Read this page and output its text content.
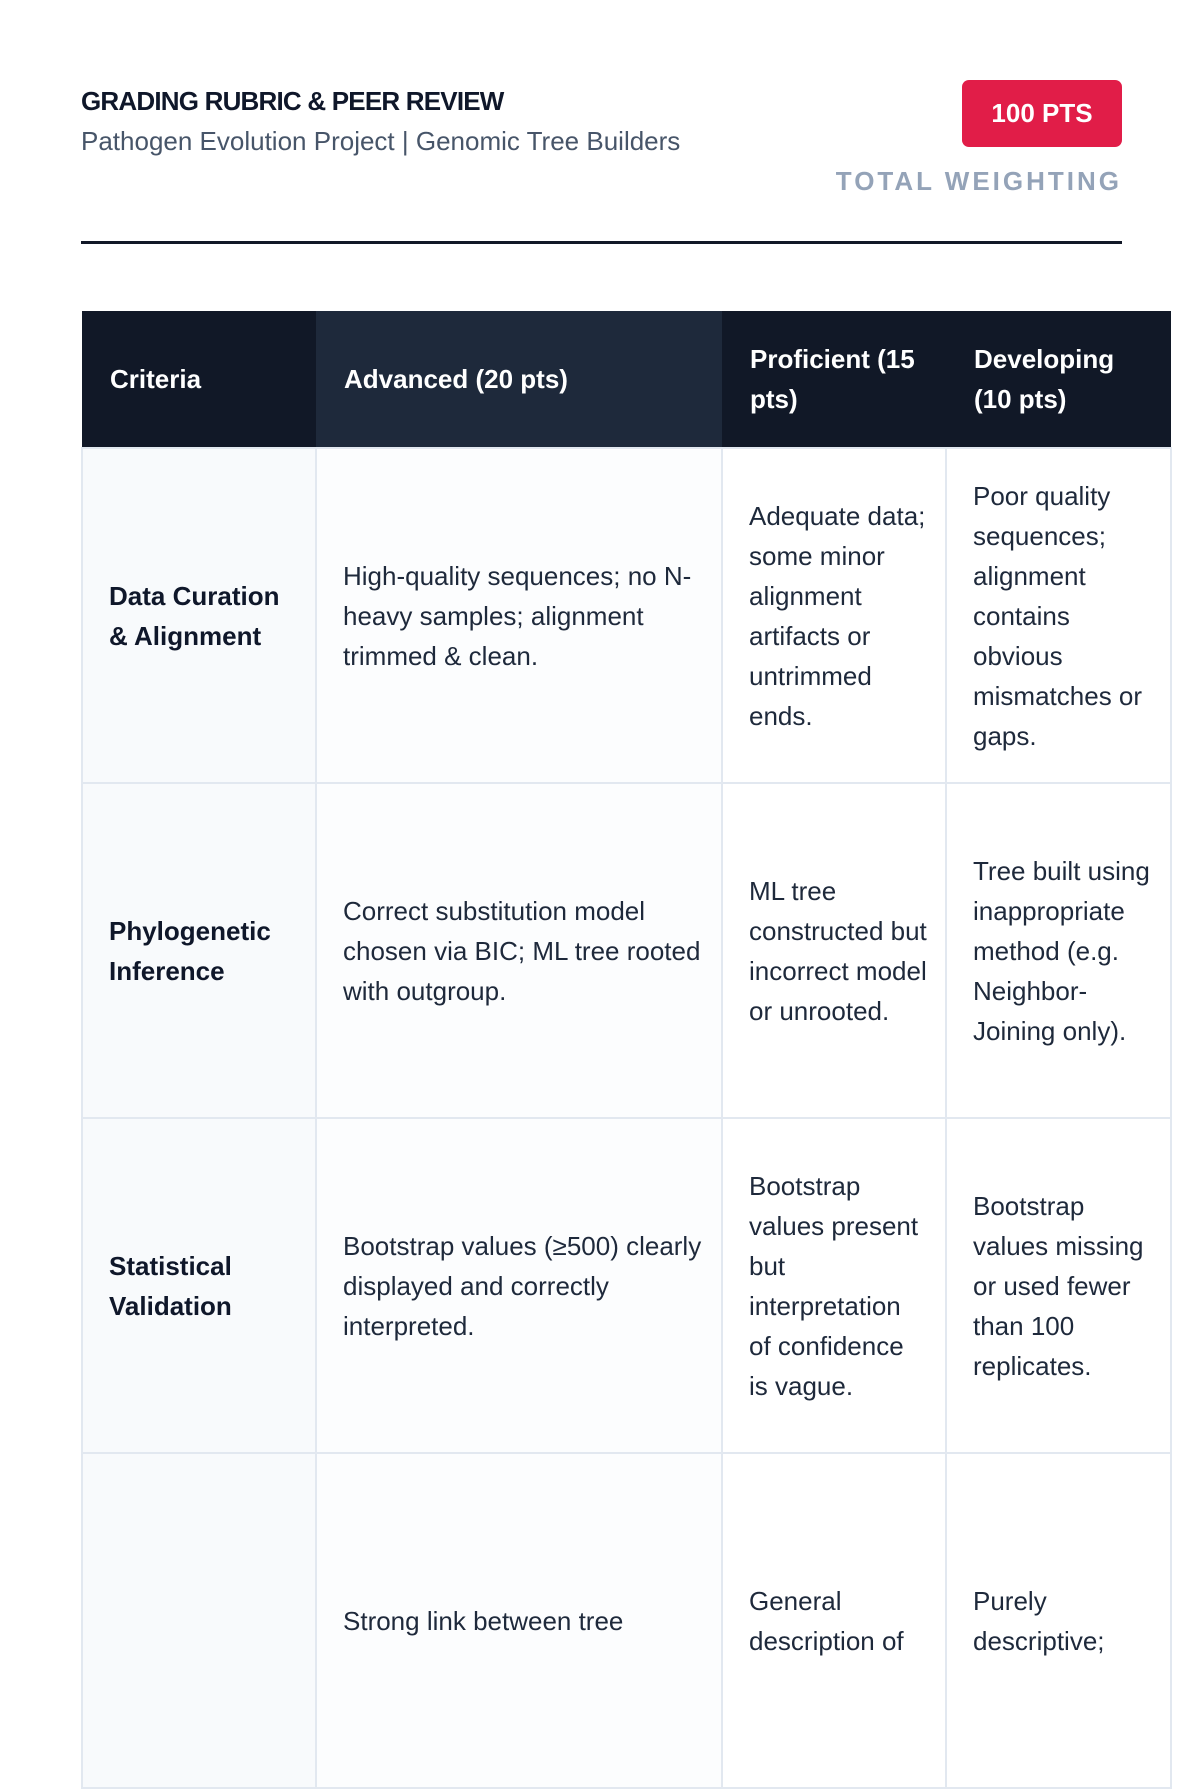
GRADING RUBRIC & PEER REVIEW
Pathogen Evolution Project | Genomic Tree Builders
100 PTS
TOTAL WEIGHTING
Criteria	Advanced (20 pts)	Proficient (15 pts)	Developing (10 pts)
Data Curation & Alignment	High-quality sequences; no N-heavy samples; alignment trimmed & clean.	Adequate data; some minor alignment artifacts or untrimmed ends.	Poor quality sequences; alignment contains obvious mismatches or gaps.
Phylogenetic Inference	Correct substitution model chosen via BIC; ML tree rooted with outgroup.	ML tree constructed but incorrect model or unrooted.	Tree built using inappropriate method (e.g. Neighbor-Joining only).
Statistical Validation	Bootstrap values (≥500) clearly displayed and correctly interpreted.	Bootstrap values present but interpretation of confidence is vague.	Bootstrap values missing or used fewer than 100 replicates.
	Strong link between tree	General description of	Purely descriptive;
